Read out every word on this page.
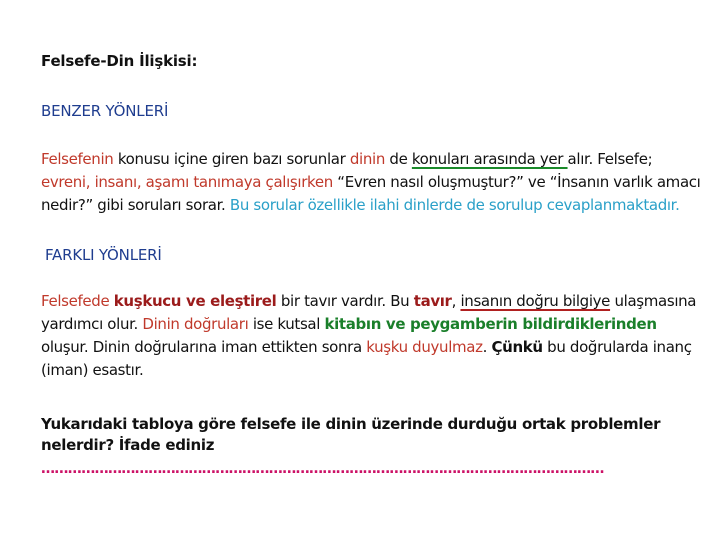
Felsefe-Din İlişkisi:
BENZER YÖNLERİ
Felsefenin konusu içine giren bazı sorunlar dinin de konuları arasında yer alır. Felsefe; evreni, insanı, aşamı tanımaya çalışırken “Evren nasıl oluşmuştur?” ve “İnsanın varlık amacı nedir?” gibi soruları sorar. Bu sorular özellikle ilahi dinlerde de sorulup cevaplanmaktadır.
FARKLI YÖNLERİ
Felsefede kuşkucu ve eleştirel bir tavır vardır. Bu tavır, insanın doğru bilgiye ulaşmasına yardımcı olur. Dinin doğruları ise kutsal kitabın ve peygamberin bildirdiklerinden oluşur. Dinin doğrularına iman ettikten sonra kuşku duyulmaz. Çünkü bu doğrularda inanç (iman) esastır.
Yukarıdaki tabloya göre felsefe ile dinin üzerinde durduğu ortak problemler nelerdir? İfade ediniz
………………………………………………………………………………………………………………
